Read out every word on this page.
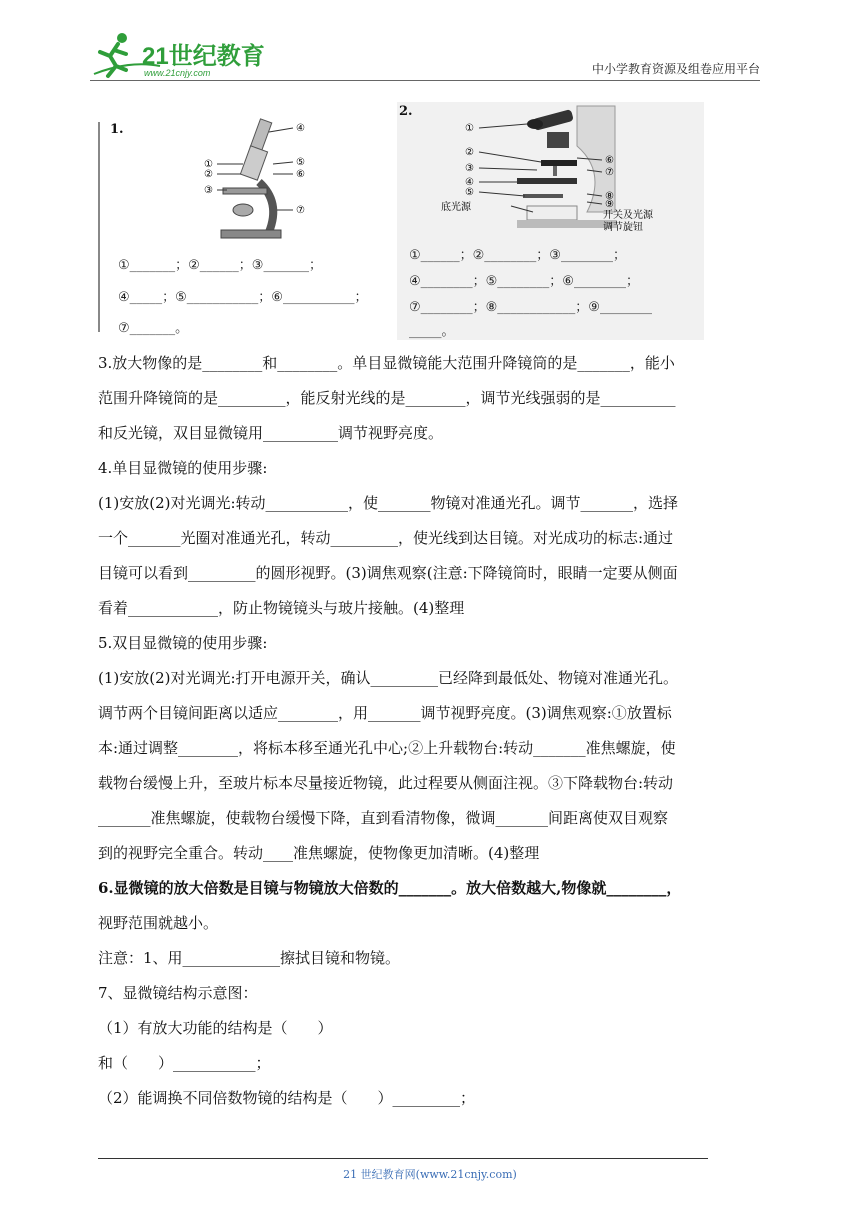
21世纪教育
www.21cnjy.com	中小学教育资源及组卷应用平台
1.	④
①
②
③
⑤
⑥
⑦
①_______；②______；③_______；
④_____；⑤___________；⑥___________；
⑦_______。
2.
①
②
③
④
⑤
底光源
⑥
⑦
⑧
⑨
开关及光源
调节旋钮
①______；②________；③________；
④________；⑤________；⑥________；
⑦________；⑧____________；⑨________
_____。

3.放大物像的是________和________。单目显微镜能大范围升降镜筒的是_______，能小

范围升降镜筒的是_________，能反射光线的是________，调节光线强弱的是__________

和反光镜，双目显微镜用__________调节视野亮度。

4.单目显微镜的使用步骤:

(1)安放(2)对光调光:转动___________，使_______物镜对准通光孔。调节_______，选择

一个_______光圈对准通光孔，转动_________，使光线到达目镜。对光成功的标志:通过

目镜可以看到_________的圆形视野。(3)调焦观察(注意:下降镜筒时，眼睛一定要从侧面

看着____________，防止物镜镜头与玻片接触。(4)整理

5.双目显微镜的使用步骤:

(1)安放(2)对光调光:打开电源开关，确认_________已经降到最低处、物镜对准通光孔。

调节两个目镜间距离以适应________，用_______调节视野亮度。(3)调焦观察:①放置标

本:通过调整________，将标本移至通光孔中心;②上升载物台:转动_______准焦螺旋，使

载物台缓慢上升，至玻片标本尽量接近物镜，此过程要从侧面注视。③下降载物台:转动

_______准焦螺旋，使载物台缓慢下降，直到看清物像，微调_______间距离使双目观察

到的视野完全重合。转动____准焦螺旋，使物像更加清晰。(4)整理

6.显微镜的放大倍数是目镜与物镜放大倍数的_______。放大倍数越大,物像就________，

视野范围就越小。

注意：1、用_____________擦拭目镜和物镜。

7、显微镜结构示意图：

（1）有放大功能的结构是（　　）

和（　　）___________；

（2）能调换不同倍数物镜的结构是（　　）_________；

21 世纪教育网(www.21cnjy.com)
